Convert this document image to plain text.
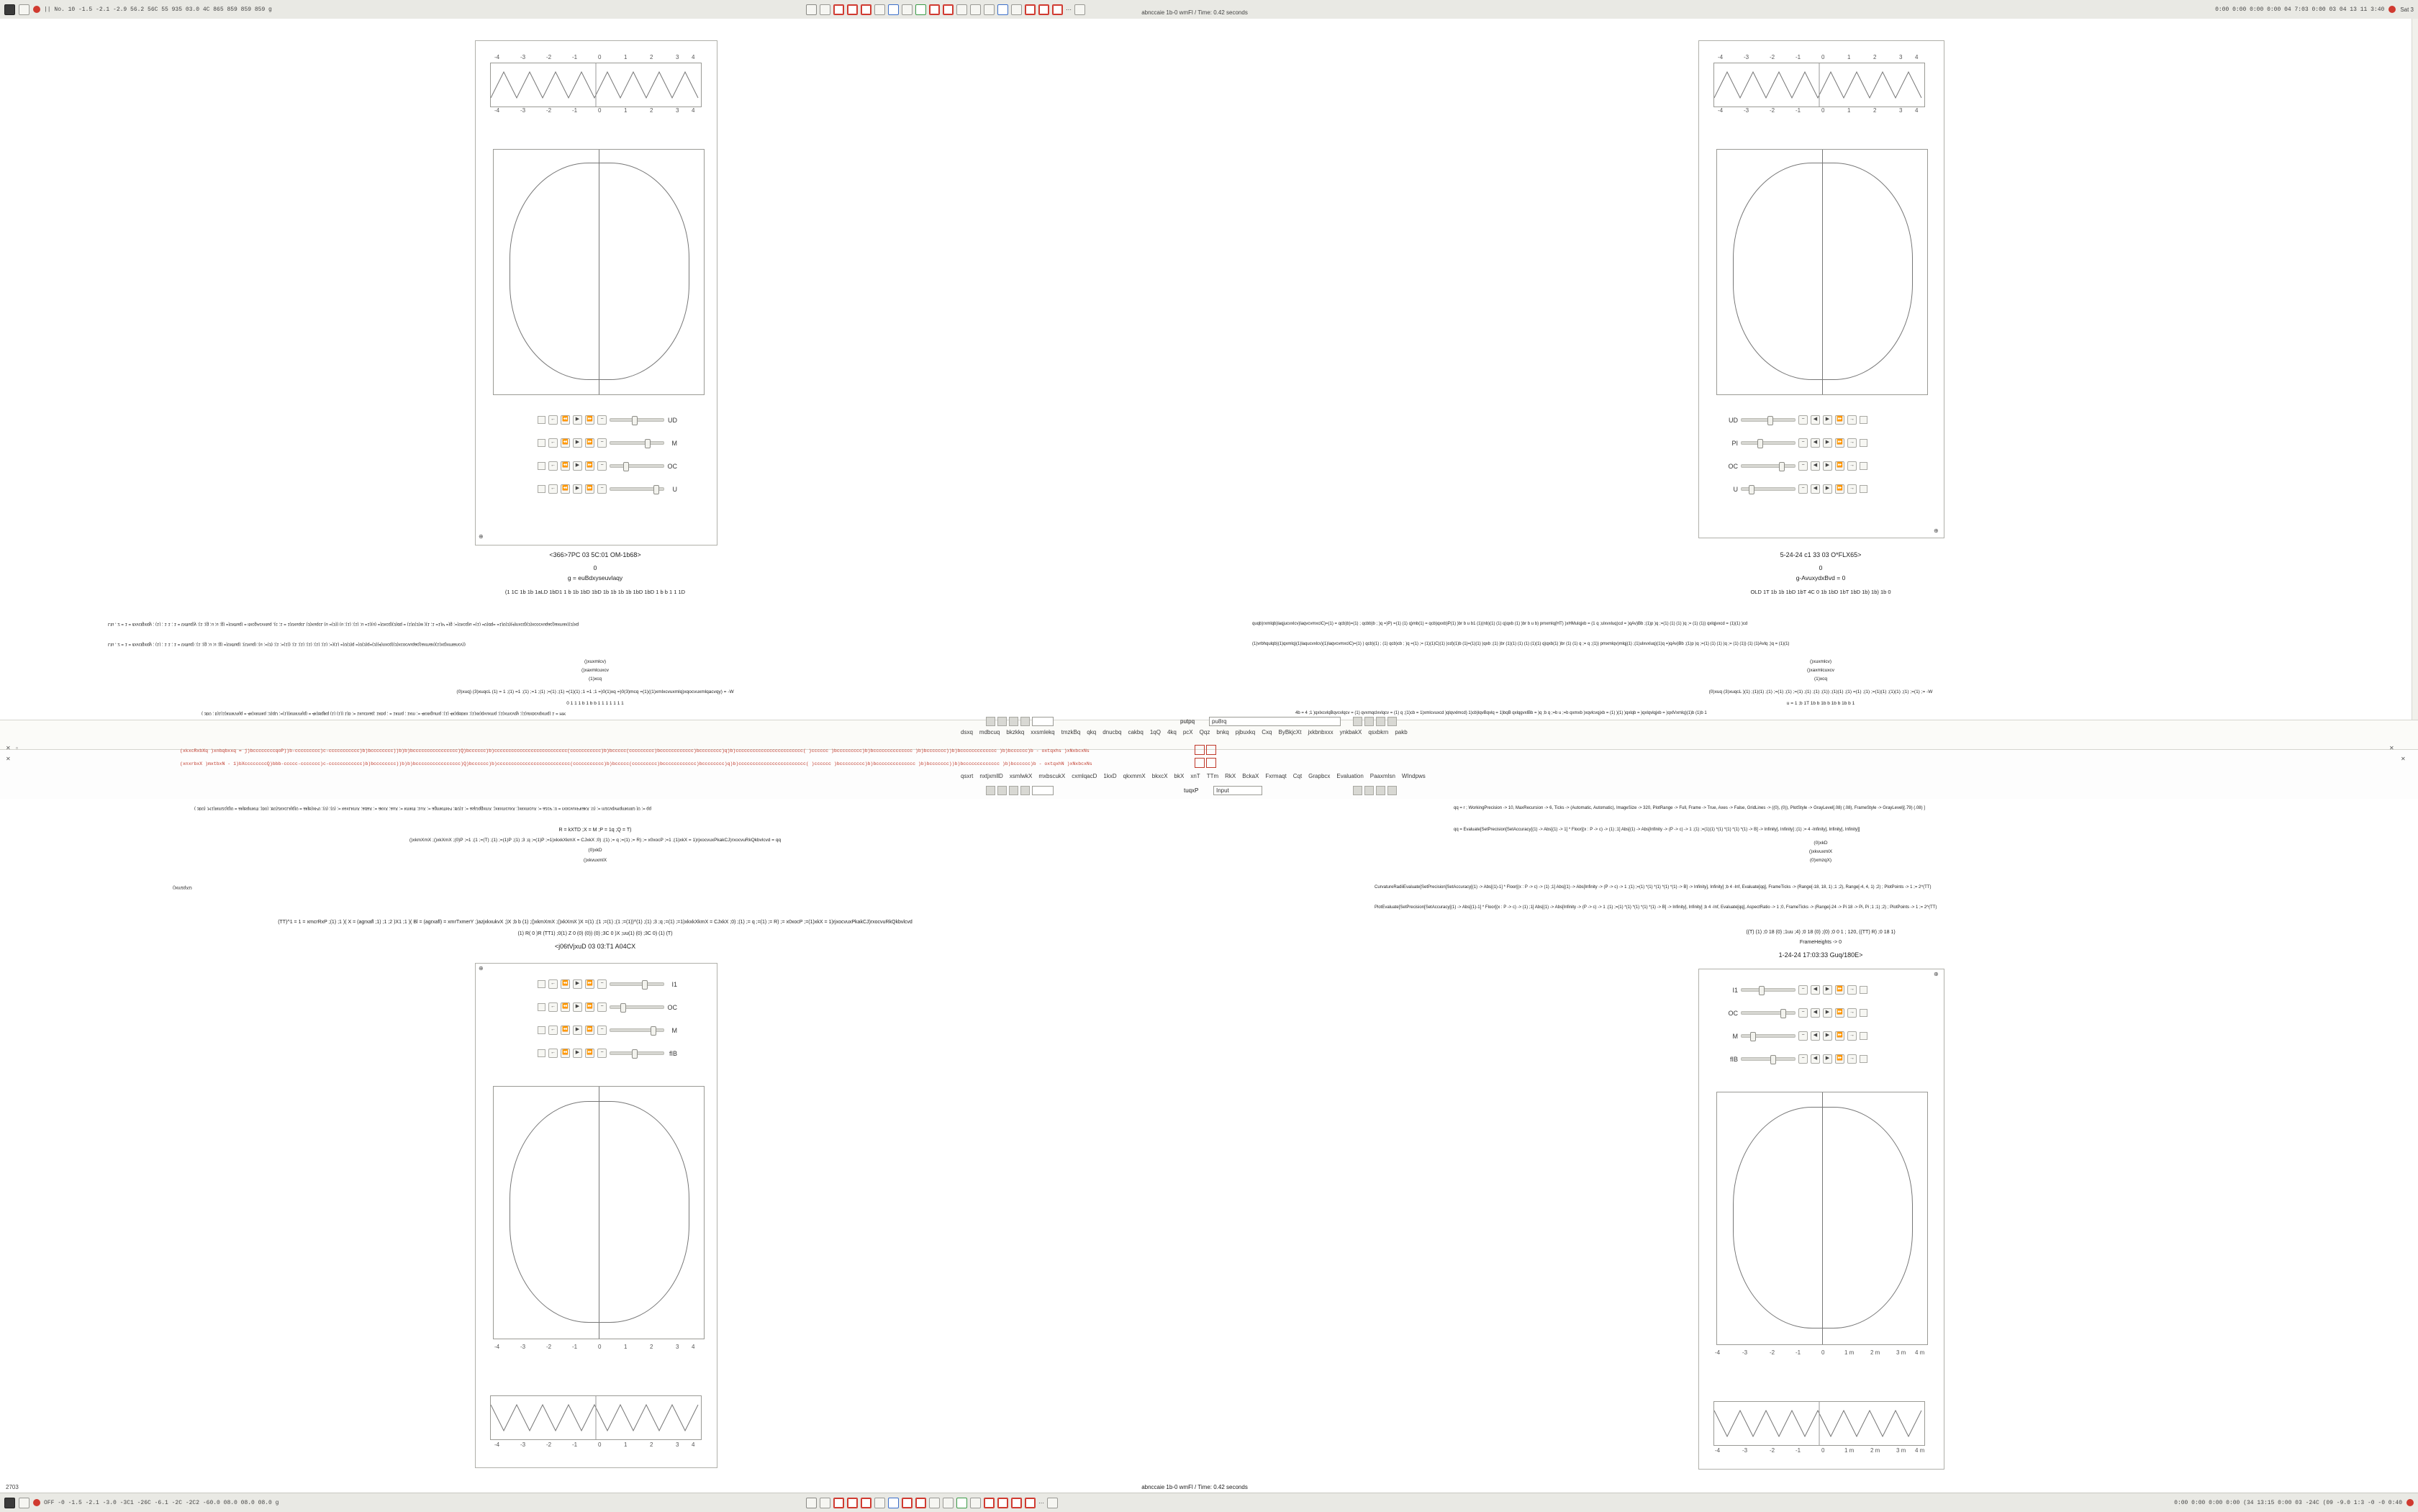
|| No. 10 -1.5 -2.1 -2.9 56.2 56C 55 935 03.0 4C 865 859 859 859 g	⋯	0:00 0:00 0:00 0:00 04 7:03 0:00 03 04 13 11 3:40	Sat 3
abnccaie 1b-0 wmFl / Time: 0.42 seconds
-4	-3	-2	-1	0	1	2	3 4
-4	-3	-2	-1	0	1	2	3 4
←	⏪	▶	⏩	−	UD
←	⏪	▶	⏩	−	M
←	⏪	▶	⏩	−	OC
←	⏪	▶	⏩	−	U
⊕
<366>7PC 03 5C:01 OM-1b68>
0
g = euBdxyseuvlaqy
(1 1C 1b 1b 1aLD 1bD1 1 b 1b 1bD 1bD 1b 1b 1b 1b 1bD 1bD 1 b b 1 1 1D
Ltu , 2 = 1 = itxvclgxlqy ; (1) ; 1 1 ; 1 = 0xfluq)y ;(1 ;(g ;u ;u ;g) =)0xfluq) = itxcgAcvxluq ,(c ;1 = 1)0xuqcL (3)xuqcL (u =(3)) (u ;(1) ;(1) ;u =1)(u) =)0xcq)(3)dq = (1)0(3)w )(1 ;1 =1)P =)g ;=)0xcq)u =(1) =0)dq= =1)0(3)(4)nxcq)(3)xcocvuqacj)axmax)(3)xq
Ltu , 2 = 1 = itxvclgxlqy ; (1) ; 1 1 ; 1 = 0xfluq) ;(1 ;(g ;u ;u ;g) =)0xfluq) ;(Oxuq) ;(u ;=(3) ;(1 ;=(1)) ;(1 ;(1) ;(1) ;(1) ;(1) ;=)(1) =)0(3)q =)0(3)q=(3)(4)nxcq)(3)xcocvuqacj)axmax)(1)xq)xmlancv))
()xuxmlcv)
()xaxmlcuxcv
(1)xcq
(0)xuq) (3)xuqcL (1) = 1 ;(1) =1 ;(1) ;=1 ;(1) ;=(1) ;(1) =(1)(1) ;1 =1 ;1 =)0(1)xq =)0(3)mcq =(1)((1)xmlxcvuxmlq)xqocvuxmlqacvqy) = -W
0 1 1 1 b 1 b b 1 1 1 1 1 1 1
( 3b0 ; b)1)1)kmkVkjq = 4k)xkmkq ;3)qD ;=(1)(kmkVkjq) = 4k)Bqjkq (1) (1)) 1)b ;= 1kuclxaq; 1kbq ; = 1kmq ; 1km ;= 4kxkgumq ;(1) 4k)qBbkx ;(1)xk)qvuxmq ;(1)xmcvqy ;(1)ulxbcvqxmq) 1 = HR
-4	-3	-2	-1	0	1	2	3 4
-4	-3	-2	-1	0	1	2	3 4
UD	−	◀	▶	⏩	→
PI	−	◀	▶	⏩	→
OC	−	◀	▶	⏩	→
U	−	◀	▶	⏩	→
⊕
5-24-24 c1 33 03 O*FLX65>
0
g-AvuxydxBvd = 0
OLD 1T 1b 1b 1bD 1bT 4C 0 1b 1bD 1bT 1bD 1b) 1b) 1b 0
quqb)rxmlqb)laqjucvxlcv)laqvcvmxclC)=(1) = qcb)b)=(1) ; qcbb)b ; )q =)P) =(1) (1) q)mb(1) = qcb)qxxb)P(1) )br b u b1 (1)(nb)(1) (1) q)qxb (1) )br b u b) pmxmlq(HT) )xHMulqjxb = (1 q ;ulxvxluq)cd = )qAv)Bb ;(1)p )q ;=(1) (1) (1) )q ;= (1) (1)) qxlqjvxcd = (1)(1) )cd
(1)vrbhqulqb)(1)qxmlq)(1)laqucvxlcv)(1)laqvcvmxclC)=(1) ) qcb)(1) ; (1) qcb)cb ; )q =(1) ;= (1)(1)C)(1) )cd)(1)b (1)=(1)(1) )qxb ;(1) )br (1)(1) (1) (1) (1)(1) q)qxb(1) )br (1) (1) q ;= q ;(1)) pmxmlqv)mlqj(1) ;(1)ulxvxluq)(1)q =)qAv)Bb ;(1)p )q ;=(1) (1) (1) )q ;= (1) (1)) (1) (1)Avlq ;)q = (1)(1)
()xuxmlcv)
()xaxmlcuxcv
(1)xcq
(0)xuq (3)xuqcL )(1) ;(1)(1) ;(1) ;=(1) ;(1) ;=(1) ;(1) ;(1) ;(1)) ;(1)(1) ;(1) =(1) ;(1) ;=(1)(1) ;(1)(1) ;(1) ;=(1) ;= -W
u = 1 ;b 1T 1b b 1b b 1b b 1b b 1
4b = 4 ;1 )qxlxcvlqBqvcvlqcv = (1) qvxmqclxvlqcv = (1) q ;(1)cb = 1)xmlcvuxcd )qlqvxlmcd) 1)cb)lqvBqvlq = 1)bqB qxlqgvxlBb = )q ;b q ;=b u ;=b qxmxb )xqvlcvqjxb = (1) )(1) )qxlqb = )qxlqvlqjxb = )qxlVxmlq)(1)b (1)b 1
putpq	pu8rq
dsxq mdbcuq bkzkkq xxsmlekq tmzkBq qkq dnucbq cakbq 1qQ 4kq pcX Qqz bnkq pjbuxkq Cxq ByBkjcXt jxkbnbxxx ynkbakX qsxbkrn pakb
(xkxcRxbXq )xnbqbxxq = j)bccccccccqoP))b-ccccccccc)c-ccccccccccc)b)bcccccccc))b)b)bcccccccccccccccc)Q)bcccccc)b)cccccccccccccccccccccccccc(ccccccccccc)b)bccccc(ccccccccc)bcccccccccccc)bcccccccc)q)b)cccccccccccccccccccccccc( )cccccc )bccccccccc)b)bcccccccccccccc )b)bccccccc))b)bccccccccccccc )b)bcccccc)b - oxtqxhs )xNxbcxNs
(xnxrbxX )mxtbxN - 1)bXccccccccQ)bbb-ccccc-ccccccc)c-cccccccccccc)b)bcccccccc))b)b)bcccccccccccccccc)Q)bcccccc)b)cccccccccccccccccccccccccc(ccccccccccc)b)bccccc(ccccccccc)bcccccccccccc)bcccccccc)q)b)cccccccccccccccccccccccc( )cccccc )bccccccccc)b)bcccccccccccccc )b)bccccccc))b)bccccccccccccc )b)bcccccc)b - oxtqxhN )xNxbcxNs
✕
✕
▫	✕
✕
tuqxP	Input
qsxrt nxtjxmllD xsmlwkX mxbscukX cxmlqacD 1kxD qkxmmX bkxcX bkX xnT TTm RkX BckaX Fxrmaqt Cqt Grapbcx Evaluation Paaxmlsn WIndpws
( 3b0) ;R1)Ikmzcjq)0 = akjBqmkrfl ;)b0) ;B0)2kxcLkjq)0 = akjB)xP0 ;(0) ;(0) ;= kexLkmX ;adaX ;= akxX ;auX ;= kmkrfl ;1uX ;= agmkrflxPl ;B0)1 ;= asjDqgxmX ;)xkxmcuxX ;)xkxmcuX ;= azcP ;0 = rxocvuxPkakX ;0) ;= mzcvqvRqmkmlD )0 ;= qq
R = kXTD ;X = M ;P = 1q ;Q = T)
()xkmXmX ;()xkXmX ;(0)P ;=1 ;(1 ;=(T) ;(1) ;=(1)P ;(1) ;3 ;q ;=(1)P ;=1)xkxkXkmX = CJxkX ;0) ;(1) ;= q ;=(1) ;= R) ;= x0xocP ;=1 ;(1)xkX = 1)rjxocvuxPkakCJ)rxocvuRkQkbvlcvd = qq
(0)xkD
()xkvuxmlX
()xmzqXD
(TT)^1 = 1 = xmcrRxP ;(1) ;1 )( X = (agrxafl ;1) ;1 ;2 )X1 ;1 )( Bl = (agrxafl) = xmrTxmerY ;)azjxkxukvX ;)X ;b b (1) ;()xkmXmX ;()xkXmX )X =(1) ;(1 ;=(1) ;(1 ;=(1))^(1) ;(1) ;3 ;q ;=(1) ;=1)xkxkXkmX = CJxkX ;0) ;(1) ;= q ;=(1) ;= R) ;= x0xocP ;=(1)xkX = 1)rjxocvuxPkakCJ)rxocvuRkQkbvlcvd
(1) R( 0 )R (TT1) ;0(1) Z 0 (0) (0)) (0) ;3C 0 )X ;uu(1) (0) ;3C 0) (1) (T)
<j06tVjxuD 03 03:T1 A04CX
⊕
←	⏪	▶	⏩	−	I1
←	⏪	▶	⏩	−	OC
←	⏪	▶	⏩	−	M
←	⏪	▶	⏩	−	fIB
-4	-3	-2	-1	0	1	2	3 4
-4	-3	-2	-1	0	1	2	3 4
qq = r ; WorkingPrecision -> 10, MaxRecursion -> 6, Ticks -> (Automatic, Automatic), ImageSize -> 320, PlotRange -> Full, Frame -> True, Axes -> False, GridLines -> ((0), (0)), PlotStyle -> GrayLevel[.08) (.08), FrameStyle -> GrayLevel[(.79) (.08) ]
qq = Evaluate[SetPrecision[SetAccuracy[(1) -> Abs[(1) -> 1] * Floor[(x : P -> c) -> (1) ;1] Abs[(1) -> Abs[Infinity -> (P -> c) -> 1 ;(1) ;=(1)(1) *(1) *(1) *(1) *(1) -> B] -> Infinity], Infinity] ;(1) ;= 4 -Infinity], Infinity], Infinity]]
(0)xkD
()xkvuxmlX
(0)xmzqX)
CurvatureRadiiEvaluate[SetPrecision[SetAccuracy[(1) -> Abs[(1)-1] * Floor[(x : P -> c) -> (1) ;1] Abs[(1) -> Abs[Infinity -> (P -> c) -> 1 ;(1) ;=(1) *(1) *(1) *(1) *(1) -> B] -> Infinity], Infinity] ;b 4 -Inf, Evaluate[qq], FrameTicks -> (Range[-18, 18, 1) ;1 ;2), Range[-4, 4, 1) ;2) ; PlotPoints -> 1 ;= 2^(TT)
PlotEvaluate[SetPrecision[SetAccuracy[(1) -> Abs[(1)-1] * Floor[(x : P -> c) -> (1) ;1] Abs[(1) -> Abs[Infinity -> (P -> c) -> 1 ;(1) ;=(1) *(1) *(1) *(1) *(1) -> B] -> Infinity], Infinity] ;b 4 -Inf, Evaluate[qq], AspectRatio -> 1 ;0, FrameTicks -> (Range[-24 -> Pi 18 -> Pi, Pi ;1 ;1) ;2) ; PlotPoints -> 1 ;= 2^(TT)
((T) (1) ;0 18 (0) ;1uu ;4) ;0 18 (0) ;(0) ;0 0 1 ; 120, ((TT) R) ;0 18 1)
FrameHeights -> 0
1-24-24 17:03:33 Guq/180E>
⊕
I1	−	◀	▶	⏩	→
OC	−	◀	▶	⏩	→
M	−	◀	▶	⏩	→
fIB	−	◀	▶	⏩	→
-4	-3	-2	-1	0	1 m	2 m	3 m 4 m
-4	-3	-2	-1	0	1 m	2 m	3 m 4 m
abnccaie 1b-0 wmFl / Time: 0.42 seconds
OFF -0 -1.5 -2.1 -3.0 -3C1 -26C -6.1 -2C -2C2 -60.0 08.0 08.0 08.0 g	⋯	0:00 0:00 0:00 0:00 (34 13:15 0:00 03 -24C (09 -9.0 1:3 -0 -0 0:40
2703
